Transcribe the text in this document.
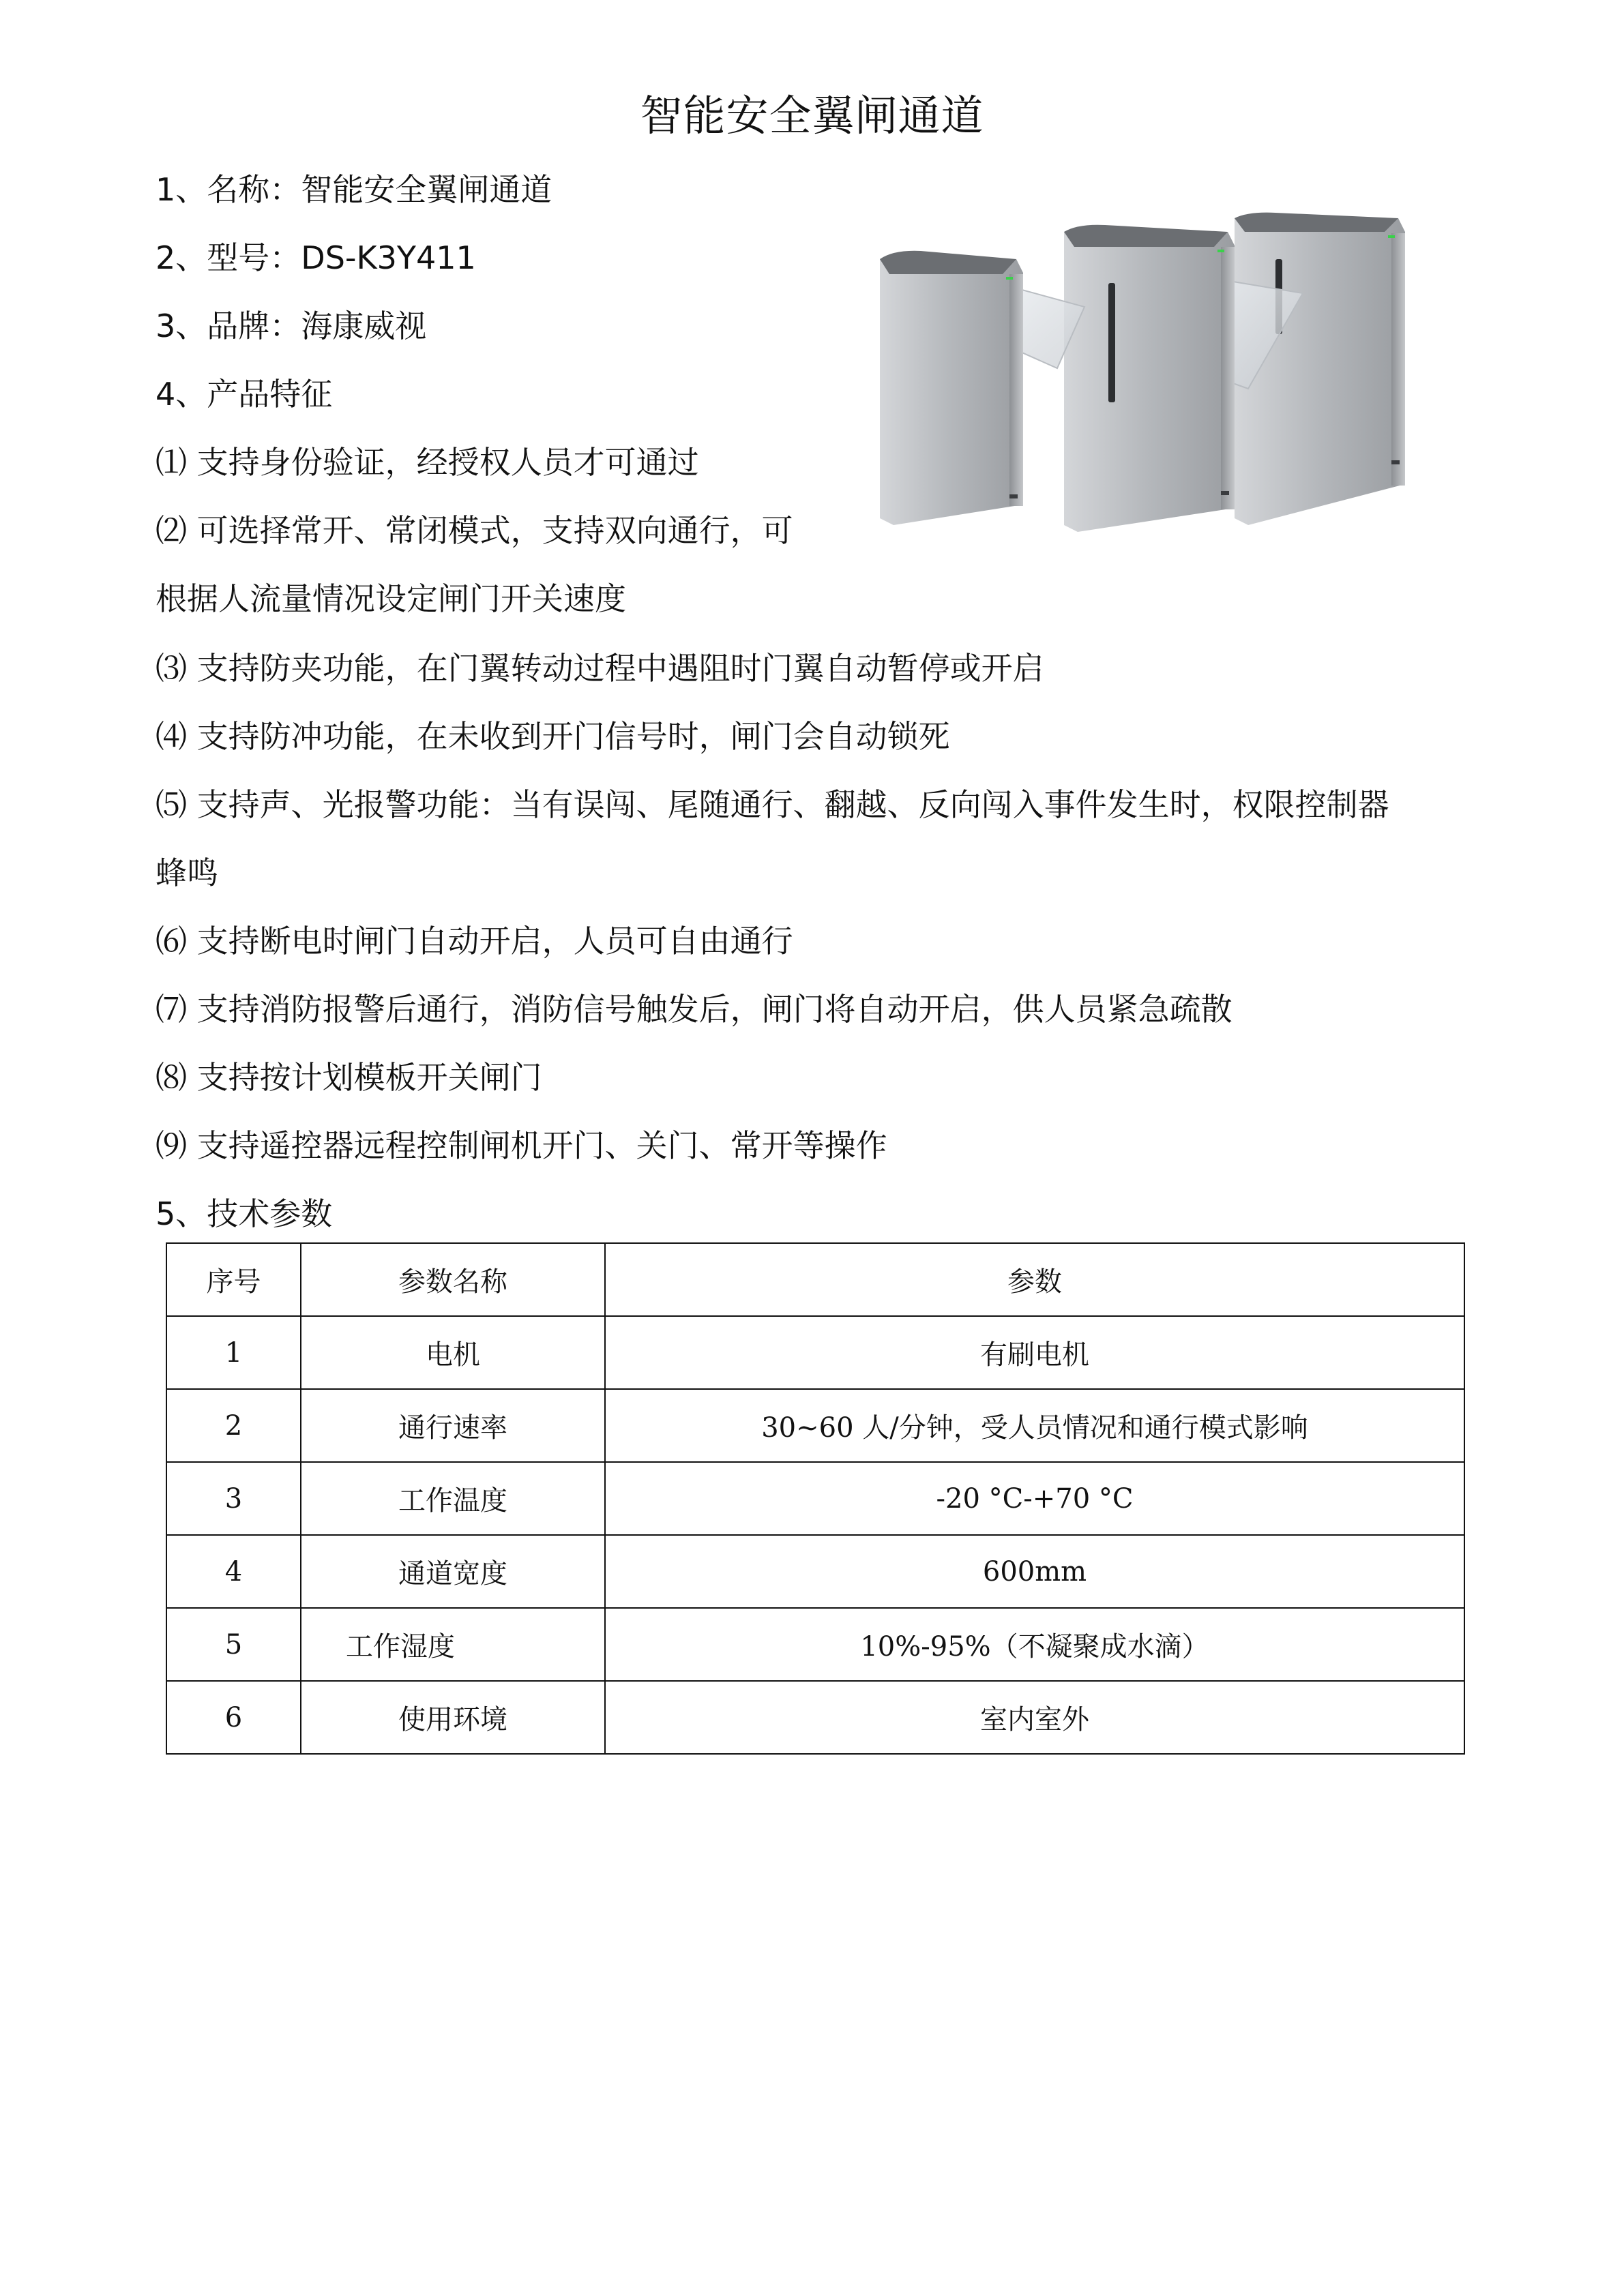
智能安全翼闸通道
1、名称：智能安全翼闸通道
2、型号：DS-K3Y411
3、品牌：海康威视
4、产品特征
⑴ 支持身份验证，经授权人员才可通过
⑵ 可选择常开、常闭模式，支持双向通行，可
根据人流量情况设定闸门开关速度
⑶ 支持防夹功能，在门翼转动过程中遇阻时门翼自动暂停或开启
⑷ 支持防冲功能，在未收到开门信号时，闸门会自动锁死
⑸ 支持声、光报警功能：当有误闯、尾随通行、翻越、反向闯入事件发生时，权限控制器
蜂鸣
⑹ 支持断电时闸门自动开启，人员可自由通行
⑺ 支持消防报警后通行，消防信号触发后，闸门将自动开启，供人员紧急疏散
⑻ 支持按计划模板开关闸门
⑼ 支持遥控器远程控制闸机开门、关门、常开等操作
5、技术参数
序号	参数名称	参数
1	电机	有刷电机
2	通行速率	30~60 人/分钟，受人员情况和通行模式影响
3	工作温度	-20 °C-+70 °C
4	通道宽度	600mm
5	工作湿度	10%-95%（不凝聚成水滴）
6	使用环境	室内室外
